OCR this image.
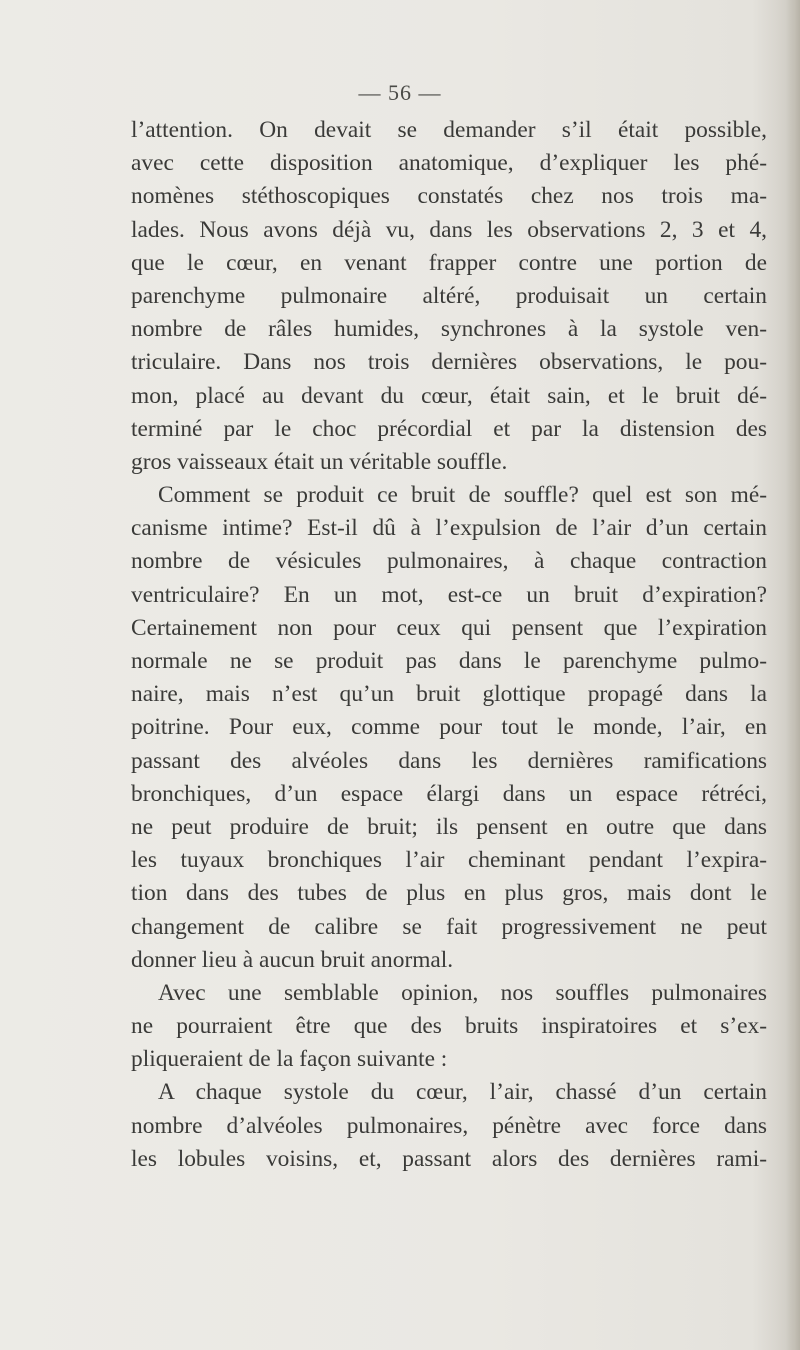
— 56 —
l’attention. On devait se demander s’il était possible,
avec cette disposition anatomique, d’expliquer les phé-
nomènes stéthoscopiques constatés chez nos trois ma-
lades. Nous avons déjà vu, dans les observations 2, 3 et 4,
que le cœur, en venant frapper contre une portion de
parenchyme pulmonaire altéré, produisait un certain
nombre de râles humides, synchrones à la systole ven-
triculaire. Dans nos trois dernières observations, le pou-
mon, placé au devant du cœur, était sain, et le bruit dé-
terminé par le choc précordial et par la distension des
gros vaisseaux était un véritable souffle.
Comment se produit ce bruit de souffle? quel est son mé-
canisme intime? Est-il dû à l’expulsion de l’air d’un certain
nombre de vésicules pulmonaires, à chaque contraction
ventriculaire? En un mot, est-ce un bruit d’expiration?
Certainement non pour ceux qui pensent que l’expiration
normale ne se produit pas dans le parenchyme pulmo-
naire, mais n’est qu’un bruit glottique propagé dans la
poitrine. Pour eux, comme pour tout le monde, l’air, en
passant des alvéoles dans les dernières ramifications
bronchiques, d’un espace élargi dans un espace rétréci,
ne peut produire de bruit; ils pensent en outre que dans
les tuyaux bronchiques l’air cheminant pendant l’expira-
tion dans des tubes de plus en plus gros, mais dont le
changement de calibre se fait progressivement ne peut
donner lieu à aucun bruit anormal.
Avec une semblable opinion, nos souffles pulmonaires
ne pourraient être que des bruits inspiratoires et s’ex-
pliqueraient de la façon suivante :
A chaque systole du cœur, l’air, chassé d’un certain
nombre d’alvéoles pulmonaires, pénètre avec force dans
les lobules voisins, et, passant alors des dernières rami-
